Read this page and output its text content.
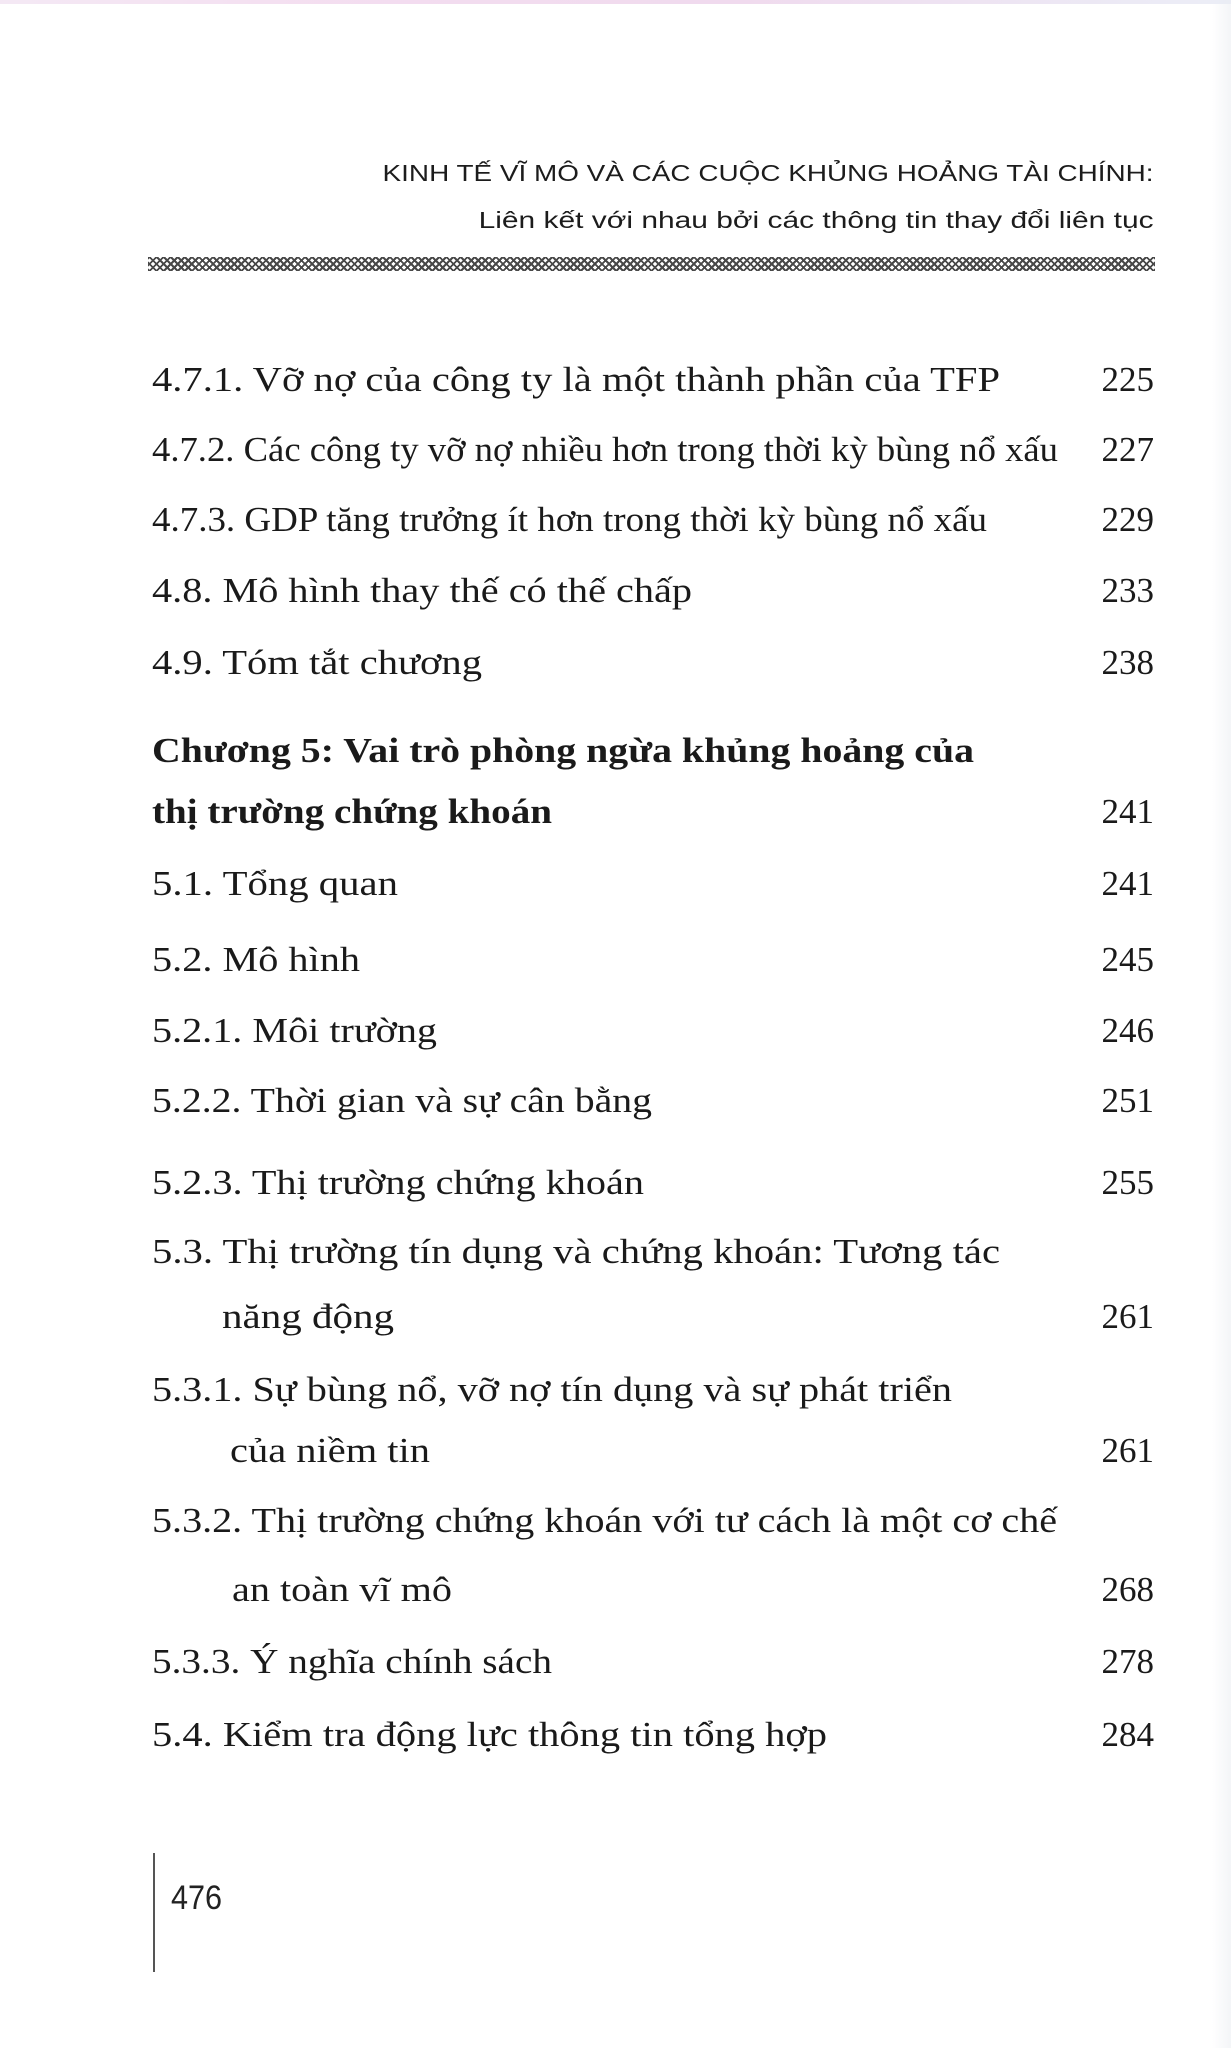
KINH TẾ VĨ MÔ VÀ CÁC CUỘC KHỦNG HOẢNG TÀI CHÍNH:
Liên kết với nhau bởi các thông tin thay đổi liên tục
4.7.1. Vỡ nợ của công ty là một thành phần của TFP	225
4.7.2. Các công ty vỡ nợ nhiều hơn trong thời kỳ bùng nổ xấu 227
4.7.3. GDP tăng trưởng ít hơn trong thời kỳ bùng nổ xấu	229
4.8. Mô hình thay thế có thế chấp	233
4.9. Tóm tắt chương	238
Chương 5: Vai trò phòng ngừa khủng hoảng của
thị trường chứng khoán	241
5.1. Tổng quan	241
5.2. Mô hình	245
5.2.1. Môi trường	246
5.2.2. Thời gian và sự cân bằng	251
5.2.3. Thị trường chứng khoán	255
5.3. Thị trường tín dụng và chứng khoán: Tương tác
năng động	261
5.3.1. Sự bùng nổ, vỡ nợ tín dụng và sự phát triển
của niềm tin	261
5.3.2. Thị trường chứng khoán với tư cách là một cơ chế
an toàn vĩ mô	268
5.3.3. Ý nghĩa chính sách	278
5.4. Kiểm tra động lực thông tin tổng hợp	284
476
